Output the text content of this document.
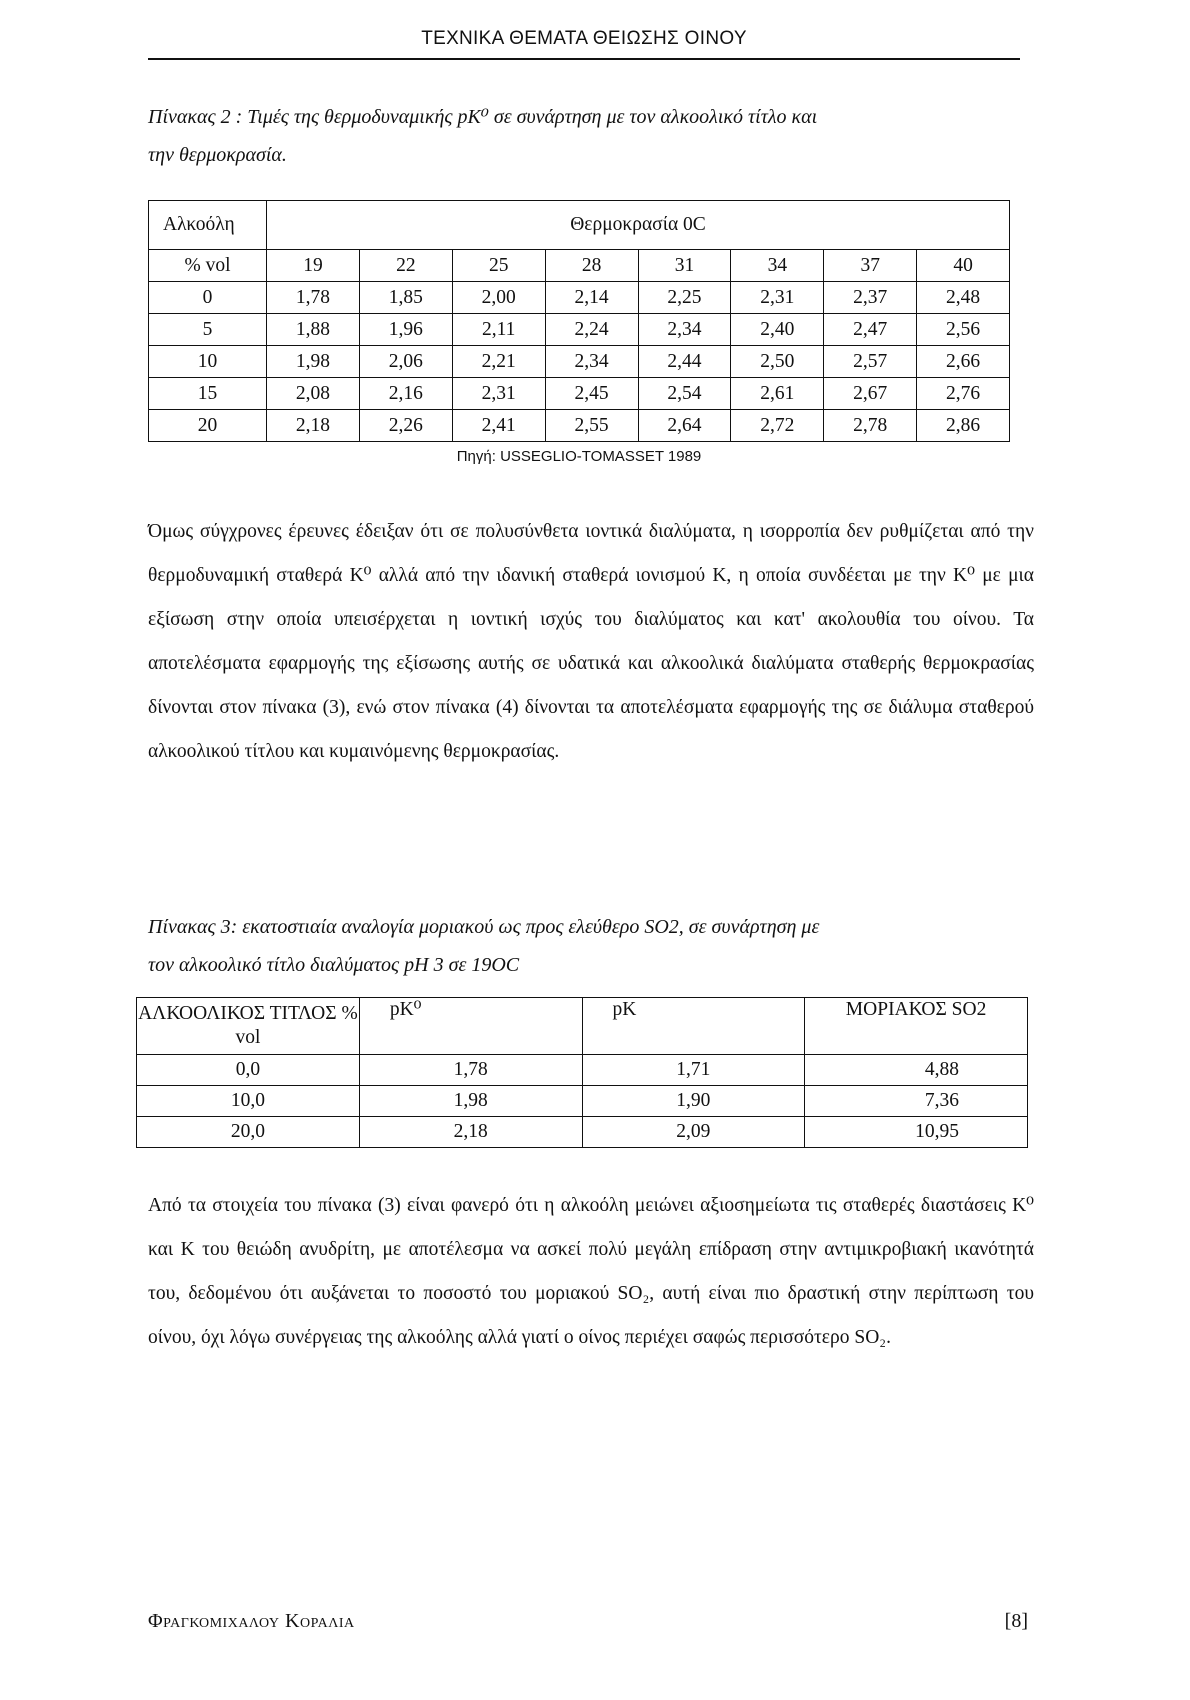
ΤΕΧΝΙΚΑ ΘΕΜΑΤΑ ΘΕΙΩΣΗΣ ΟΙΝΟΥ
Πίνακας 2 : Τιμές της θερμοδυναμικής pK⁰ σε συνάρτηση με τον αλκοολικό τίτλο και
την θερμοκρασία.
Αλκοόλη	Θερμοκρασία 0C							
% vol	19	22	25	28	31	34	37	40
0	1,78	1,85	2,00	2,14	2,25	2,31	2,37	2,48
5	1,88	1,96	2,11	2,24	2,34	2,40	2,47	2,56
10	1,98	2,06	2,21	2,34	2,44	2,50	2,57	2,66
15	2,08	2,16	2,31	2,45	2,54	2,61	2,67	2,76
20	2,18	2,26	2,41	2,55	2,64	2,72	2,78	2,86
Πηγή: USSEGLIO-TOMASSET 1989

Όμως σύγχρονες έρευνες έδειξαν ότι σε πολυσύνθετα ιοντικά διαλύματα, η ισορροπία δεν ρυθμίζεται από την θερμοδυναμική σταθερά K⁰ αλλά από την ιδανική σταθερά ιονισμού K, η οποία συνδέεται με την K⁰ με μια εξίσωση στην οποία υπεισέρχεται η ιοντική ισχύς του διαλύματος και κατ' ακολουθία του οίνου. Τα αποτελέσματα εφαρμογής της εξίσωσης αυτής σε υδατικά και αλκοολικά διαλύματα σταθερής θερμοκρασίας δίνονται στον πίνακα (3), ενώ στον πίνακα (4) δίνονται τα αποτελέσματα εφαρμογής της σε διάλυμα σταθερού αλκοολικού τίτλου και κυμαινόμενης θερμοκρασίας.

Πίνακας 3: εκατοστιαία αναλογία μοριακού ως προς ελεύθερο SO2, σε συνάρτηση με
τον αλκοολικό τίτλο διαλύματος pH 3 σε 19ΟC
ΑΛΚΟΟΛΙΚΟΣ ΤΙΤΛΟΣ % vol	pK⁰	pK	ΜΟΡΙΑΚΟΣ SO2
0,0	1,78	1,71	4,88
10,0	1,98	1,90	7,36
20,0	2,18	2,09	10,95

Από τα στοιχεία του πίνακα (3) είναι φανερό ότι η αλκοόλη μειώνει αξιοσημείωτα τις σταθερές διαστάσεις K⁰ και K του θειώδη ανυδρίτη, με αποτέλεσμα να ασκεί πολύ μεγάλη επίδραση στην αντιμικροβιακή ικανότητά του, δεδομένου ότι αυξάνεται το ποσοστό του μοριακού SO₂, αυτή είναι πιο δραστική στην περίπτωση του οίνου, όχι λόγω συνέργειας της αλκοόλης αλλά γιατί ο οίνος περιέχει σαφώς περισσότερο SO₂.

Φραγκομιχαλου Κοραλια	[8]
